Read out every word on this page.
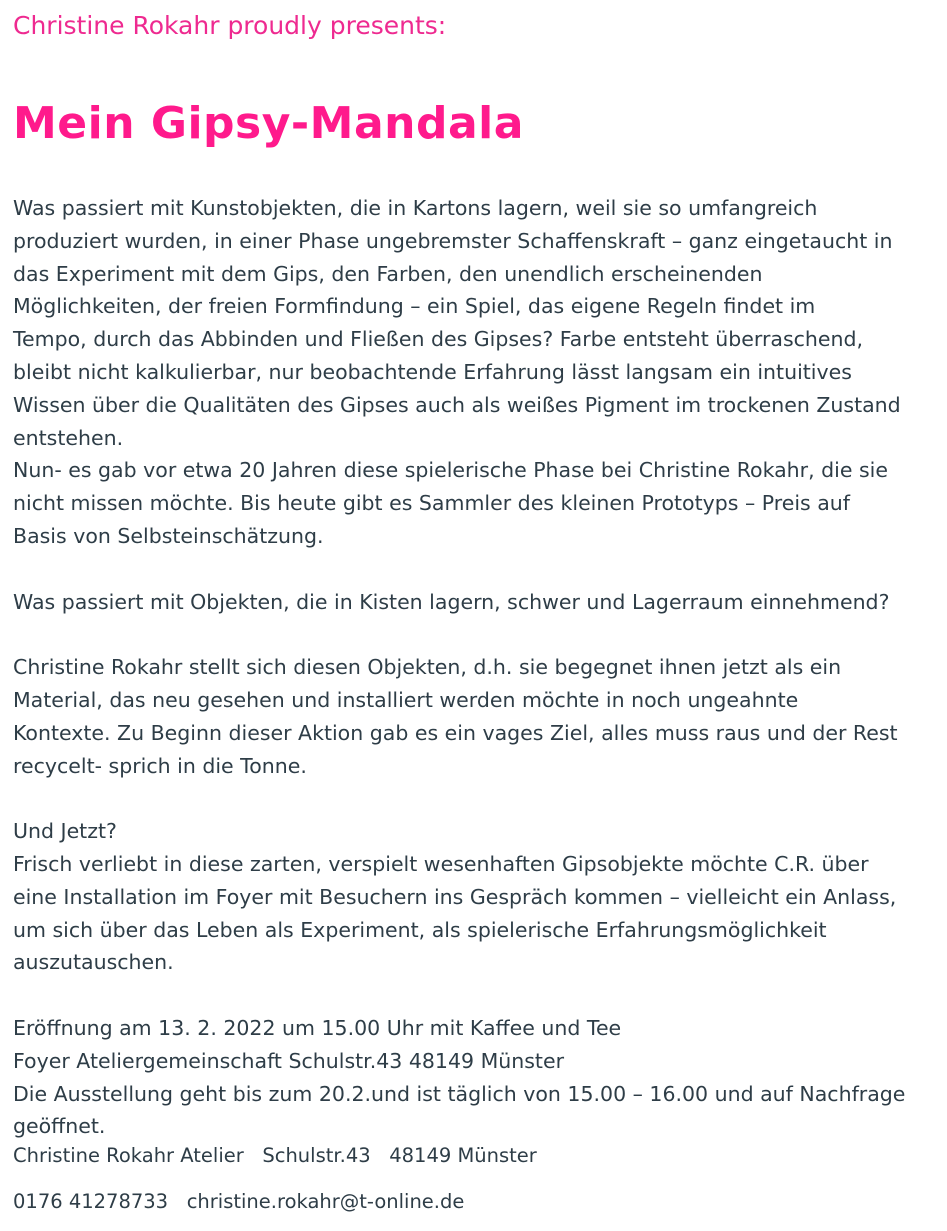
Christine Rokahr proudly presents:
Mein Gipsy-Mandala

Was passiert mit Kunstobjekten, die in Kartons lagern, weil sie so umfangreich
produziert wurden, in einer Phase ungebremster Schaffenskraft – ganz eingetaucht in
das Experiment mit dem Gips, den Farben, den unendlich erscheinenden
Möglichkeiten, der freien Formfindung – ein Spiel, das eigene Regeln findet im
Tempo, durch das Abbinden und Fließen des Gipses? Farbe entsteht überraschend,
bleibt nicht kalkulierbar, nur beobachtende Erfahrung lässt langsam ein intuitives
Wissen über die Qualitäten des Gipses auch als weißes Pigment im trockenen Zustand
entstehen.
Nun- es gab vor etwa 20 Jahren diese spielerische Phase bei Christine Rokahr, die sie
nicht missen möchte. Bis heute gibt es Sammler des kleinen Prototyps – Preis auf
Basis von Selbsteinschätzung.

Was passiert mit Objekten, die in Kisten lagern, schwer und Lagerraum einnehmend?

Christine Rokahr stellt sich diesen Objekten, d.h. sie begegnet ihnen jetzt als ein
Material, das neu gesehen und installiert werden möchte in noch ungeahnte
Kontexte. Zu Beginn dieser Aktion gab es ein vages Ziel, alles muss raus und der Rest
recycelt- sprich in die Tonne.

Und Jetzt?
Frisch verliebt in diese zarten, verspielt wesenhaften Gipsobjekte möchte C.R. über
eine Installation im Foyer mit Besuchern ins Gespräch kommen – vielleicht ein Anlass,
um sich über das Leben als Experiment, als spielerische Erfahrungsmöglichkeit
auszutauschen.

Eröffnung am 13. 2. 2022 um 15.00 Uhr mit Kaffee und Tee
Foyer Ateliergemeinschaft Schulstr.43 48149 Münster
Die Ausstellung geht bis zum 20.2.und ist täglich von 15.00 – 16.00 und auf Nachfrage
geöffnet.

Christine Rokahr Atelier   Schulstr.43   48149 Münster
0176 41278733 christine.rokahr@t-online.de
